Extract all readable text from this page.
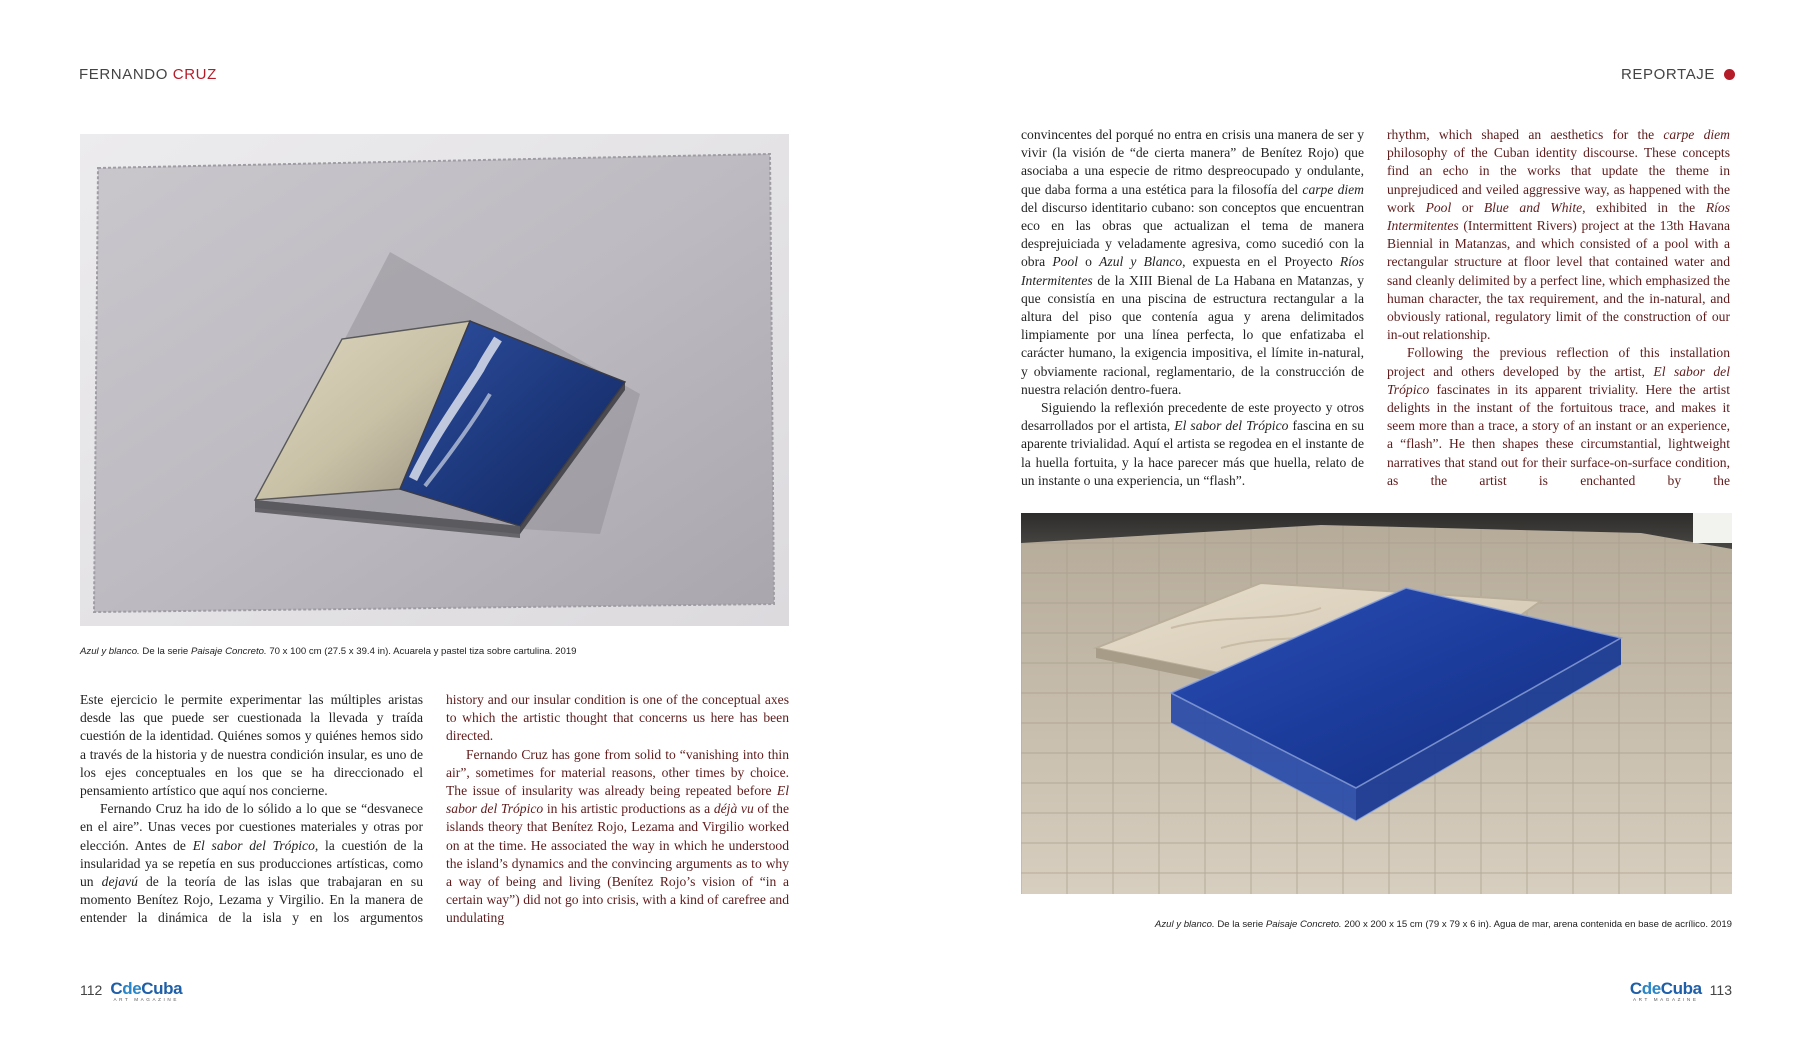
FERNANDO CRUZ	REPORTAJE
Azul y blanco. De la serie Paisaje Concreto. 70 x 100 cm (27.5 x 39.4 in). Acuarela y pastel tiza sobre cartulina. 2019

Este ejercicio le permite experimentar las múltiples aristas desde las que puede ser cuestionada la llevada y traída cuestión de la identidad. Quiénes somos y quiénes hemos sido a través de la historia y de nuestra condición insular, es uno de los ejes conceptuales en los que se ha direccionado el pensamiento artístico que aquí nos concierne.

Fernando Cruz ha ido de lo sólido a lo que se “desvanece en el aire”. Unas veces por cuestiones materiales y otras por elección. Antes de El sabor del Trópico, la cuestión de la insularidad ya se repetía en sus producciones artísticas, como un dejavú de la teoría de las islas que trabajaran en su momento Benítez Rojo, Lezama y Virgilio. En la manera de entender la dinámica de la isla y en los argumentos

history and our insular condition is one of the conceptual axes to which the artistic thought that concerns us here has been directed.

Fernando Cruz has gone from solid to “vanishing into thin air”, sometimes for material reasons, other times by choice. The issue of insularity was already being repeated before El sabor del Trópico in his artistic productions as a déjà vu of the islands theory that Benítez Rojo, Lezama and Virgilio worked on at the time. He associated the way in which he understood the island’s dynamics and the convincing arguments as to why a way of being and living (Benítez Rojo’s vision of “in a certain way”) did not go into crisis, with a kind of carefree and undulating

convincentes del porqué no entra en crisis una manera de ser y vivir (la visión de “de cierta manera” de Benítez Rojo) que asociaba a una especie de ritmo despreocupado y ondulante, que daba forma a una estética para la filosofía del carpe diem del discurso identitario cubano: son conceptos que encuentran eco en las obras que actualizan el tema de manera desprejuiciada y veladamente agresiva, como sucedió con la obra Pool o Azul y Blanco, expuesta en el Proyecto Ríos Intermitentes de la XIII Bienal de La Habana en Matanzas, y que consistía en una piscina de estructura rectangular a la altura del piso que contenía agua y arena delimitados limpiamente por una línea perfecta, lo que enfatizaba el carácter humano, la exigencia impositiva, el límite in-natural, y obviamente racional, reglamentario, de la construcción de nuestra relación dentro-fuera.

Siguiendo la reflexión precedente de este proyecto y otros desarrollados por el artista, El sabor del Trópico fascina en su aparente trivialidad. Aquí el artista se regodea en el instante de la huella fortuita, y la hace parecer más que huella, relato de un instante o una experiencia, un “flash”.

rhythm, which shaped an aesthetics for the carpe diem philosophy of the Cuban identity discourse. These concepts find an echo in the works that update the theme in unprejudiced and veiled aggressive way, as happened with the work Pool or Blue and White, exhibited in the Ríos Intermitentes (Intermittent Rivers) project at the 13th Havana Biennial in Matanzas, and which consisted of a pool with a rectangular structure at floor level that contained water and sand cleanly delimited by a perfect line, which emphasized the human character, the tax requirement, and the in-natural, and obviously rational, regulatory limit of the construction of our in-out relationship.

Following the previous reflection of this installation project and others developed by the artist, El sabor del Trópico fascinates in its apparent triviality. Here the artist delights in the instant of the fortuitous trace, and makes it seem more than a trace, a story of an instant or an experience, a “flash”. He then shapes these circumstantial, lightweight narratives that stand out for their surface-on-surface condition, as the artist is enchanted by the

Azul y blanco. De la serie Paisaje Concreto. 200 x 200 x 15 cm (79 x 79 x 6 in). Agua de mar, arena contenida en base de acrílico. 2019
112 CdeCuba
ART MAGAZINE
CdeCuba
ART MAGAZINE
113
